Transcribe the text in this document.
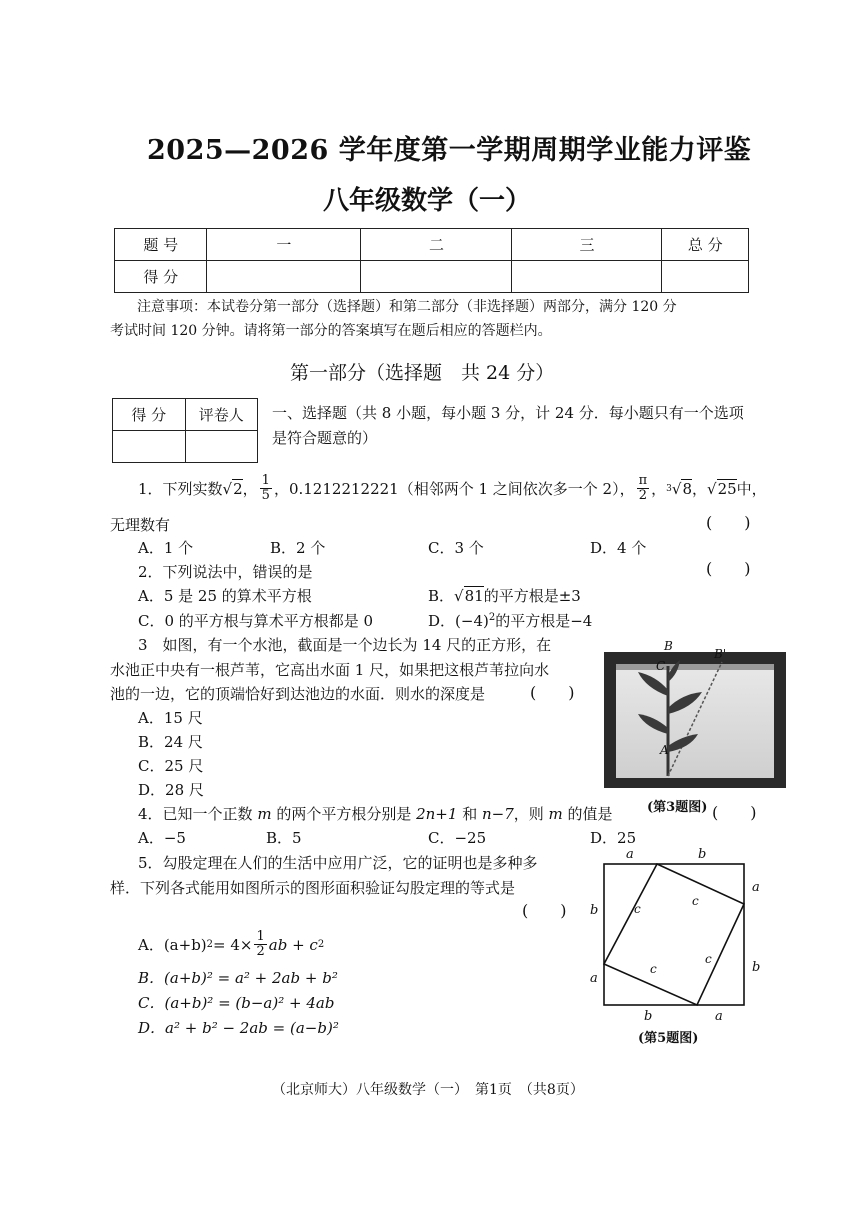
2025—2026 学年度第一学期周期学业能力评鉴
八年级数学（一）
题 号	一	二	三	总 分
得 分				
注意事项：本试卷分第一部分（选择题）和第二部分（非选择题）两部分，满分 120 分
考试时间 120 分钟。请将第一部分的答案填写在题后相应的答题栏内。
第一部分（选择题　共 24 分）
得 分	评卷人
	一、选择题（共 8 小题，每小题 3 分，计 24 分．每小题只有一个选项
是符合题意的）
1．下列实数 √ 2 ， $\frac{1}{5}$ ，0.1212212221（相邻两个 1 之间依次多一个 2）， $\frac{\pi}{2}$ ， 3 √ 8 ， √ 25 中，
无理数有	(　　)
A．1 个	B．2 个	C．3 个	D．4 个
2．下列说法中，错误的是	(　　)
A．5 是 25 的算术平方根	B．√81的平方根是±3
C．0 的平方根与算术平方根都是 0	D．$(-4)^2$的平方根是−4
3　如图，有一个水池，截面是一个边长为 14 尺的正方形，在
水池正中央有一根芦苇，它高出水面 1 尺，如果把这根芦苇拉向水
池的一边，它的顶端恰好到达池边的水面．则水的深度是	(　　)
A．15 尺
B．24 尺
C．25 尺
D．28 尺
B
B'
C
A
(第3题图)
4．已知一个正数 m 的两个平方根分别是 2n+1 和 n−7，则 m 的值是	(　　)
A．−5	B．5	C．−25	D．25
5．勾股定理在人们的生活中应用广泛，它的证明也是多种多
样．下列各式能用如图所示的图形面积验证勾股定理的等式是
(　　)
A．(a+b) $2 = 4\times \frac{1}{2}$ ab + c 2
B．(a+b)² = a² + 2ab + b²
C．(a+b)² = (b−a)² + 4ab
D．a² + b² − 2ab = (a−b)²
a	b
a
b
b	a
b
a
c
c
c
c
(第5题图)
（北京师大）八年级数学（一）　第1页　（共8页）
